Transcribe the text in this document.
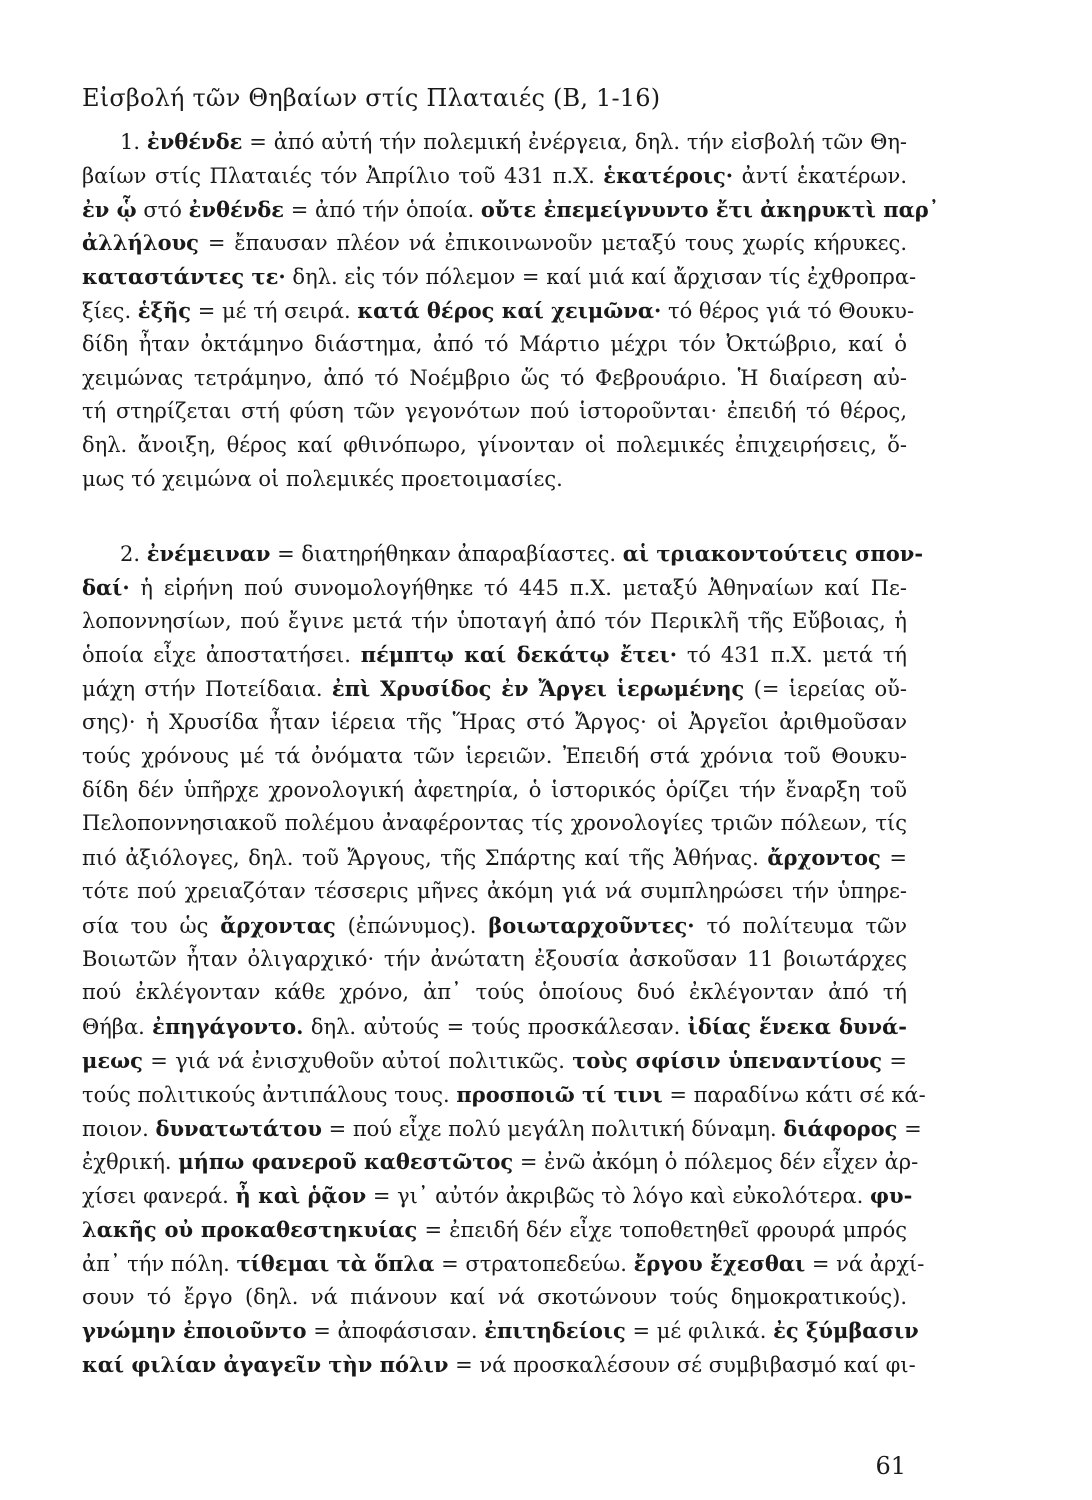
Εἰσβολή τῶν Θηβαίων στίς Πλαταιές (Β, 1-16)
1. ἐνθένδε = ἀπό αὐτή τήν πολεμική ἐνέργεια, δηλ. τήν εἰσβολή τῶν Θη-
βαίων στίς Πλαταιές τόν Ἀπρίλιο τοῦ 431 π.Χ. ἑκατέροις· ἀντί ἑκατέρων.
ἐν ᾧ στό ἐνθένδε = ἀπό τήν ὁποία. οὔτε ἐπεμείγνυντο ἔτι ἀκηρυκτὶ παρ᾽
ἀλλήλους = ἔπαυσαν πλέον νά ἐπικοινωνοῦν μεταξύ τους χωρίς κήρυκες.
καταστάντες τε· δηλ. εἰς τόν πόλεμον = καί μιά καί ἄρχισαν τίς ἐχθροπρα-
ξίες. ἑξῆς = μέ τή σειρά. κατά θέρος καί χειμῶνα· τό θέρος γιά τό Θουκυ-
δίδη ἦταν ὀκτάμηνο διάστημα, ἀπό τό Μάρτιο μέχρι τόν Ὀκτώβριο, καί ὁ
χειμώνας τετράμηνο, ἀπό τό Νοέμβριο ὥς τό Φεβρουάριο. Ἡ διαίρεση αὐ-
τή στηρίζεται στή φύση τῶν γεγονότων πού ἱστοροῦνται· ἐπειδή τό θέρος,
δηλ. ἄνοιξη, θέρος καί φθινόπωρο, γίνονταν οἱ πολεμικές ἐπιχειρήσεις, ὅ-
μως τό χειμώνα οἱ πολεμικές προετοιμασίες.
2. ἐνέμειναν = διατηρήθηκαν ἀπαραβίαστες. αἱ τριακοντούτεις σπον-
δαί· ἡ εἰρήνη πού συνομολογήθηκε τό 445 π.Χ. μεταξύ Ἀθηναίων καί Πε-
λοποννησίων, πού ἔγινε μετά τήν ὑποταγή ἀπό τόν Περικλῆ τῆς Εὔβοιας, ἡ
ὁποία εἶχε ἀποστατήσει. πέμπτῳ καί δεκάτῳ ἔτει· τό 431 π.Χ. μετά τή
μάχη στήν Ποτείδαια. ἐπὶ Χρυσίδος ἐν Ἄργει ἱερωμένης (= ἱερείας οὔ-
σης)· ἡ Χρυσίδα ἦταν ἱέρεια τῆς Ἥρας στό Ἄργος· οἱ Ἀργεῖοι ἀριθμοῦσαν
τούς χρόνους μέ τά ὀνόματα τῶν ἱερειῶν. Ἐπειδή στά χρόνια τοῦ Θουκυ-
δίδη δέν ὑπῆρχε χρονολογική ἀφετηρία, ὁ ἱστορικός ὁρίζει τήν ἔναρξη τοῦ
Πελοποννησιακοῦ πολέμου ἀναφέροντας τίς χρονολογίες τριῶν πόλεων, τίς
πιό ἀξιόλογες, δηλ. τοῦ Ἄργους, τῆς Σπάρτης καί τῆς Ἀθήνας. ἄρχοντος =
τότε πού χρειαζόταν τέσσερις μῆνες ἀκόμη γιά νά συμπληρώσει τήν ὑπηρε-
σία του ὡς ἄρχοντας (ἐπώνυμος). βοιωταρχοῦντες· τό πολίτευμα τῶν
Βοιωτῶν ἦταν ὀλιγαρχικό· τήν ἀνώτατη ἐξουσία ἀσκοῦσαν 11 βοιωτάρχες
πού ἐκλέγονταν κάθε χρόνο, ἀπ᾽ τούς ὁποίους δυό ἐκλέγονταν ἀπό τή
Θήβα. ἐπηγάγοντο. δηλ. αὐτούς = τούς προσκάλεσαν. ἰδίας ἕνεκα δυνά-
μεως = γιά νά ἐνισχυθοῦν αὐτοί πολιτικῶς. τοὺς σφίσιν ὑπεναντίους =
τούς πολιτικούς ἀντιπάλους τους. προσποιῶ τί τινι = παραδίνω κάτι σέ κά-
ποιον. δυνατωτάτου = πού εἶχε πολύ μεγάλη πολιτική δύναμη. διάφορος =
ἐχθρική. μήπω φανεροῦ καθεστῶτος = ἐνῶ ἀκόμη ὁ πόλεμος δέν εἶχεν ἀρ-
χίσει φανερά. ἦ καὶ ῥᾷον = γι᾽ αὐτόν ἀκριβῶς τὸ λόγο καὶ εὐκολότερα. φυ-
λακῆς οὐ προκαθεστηκυίας = ἐπειδή δέν εἶχε τοποθετηθεῖ φρουρά μπρός
ἀπ᾽ τήν πόλη. τίθεμαι τὰ ὅπλα = στρατοπεδεύω. ἔργου ἔχεσθαι = νά ἀρχί-
σουν τό ἔργο (δηλ. νά πιάνουν καί νά σκοτώνουν τούς δημοκρατικούς).
γνώμην ἐποιοῦντο = ἀποφάσισαν. ἐπιτηδείοις = μέ φιλικά. ἐς ξύμβασιν
καί φιλίαν ἀγαγεῖν τὴν πόλιν = νά προσκαλέσουν σέ συμβιβασμό καί φι-
61
